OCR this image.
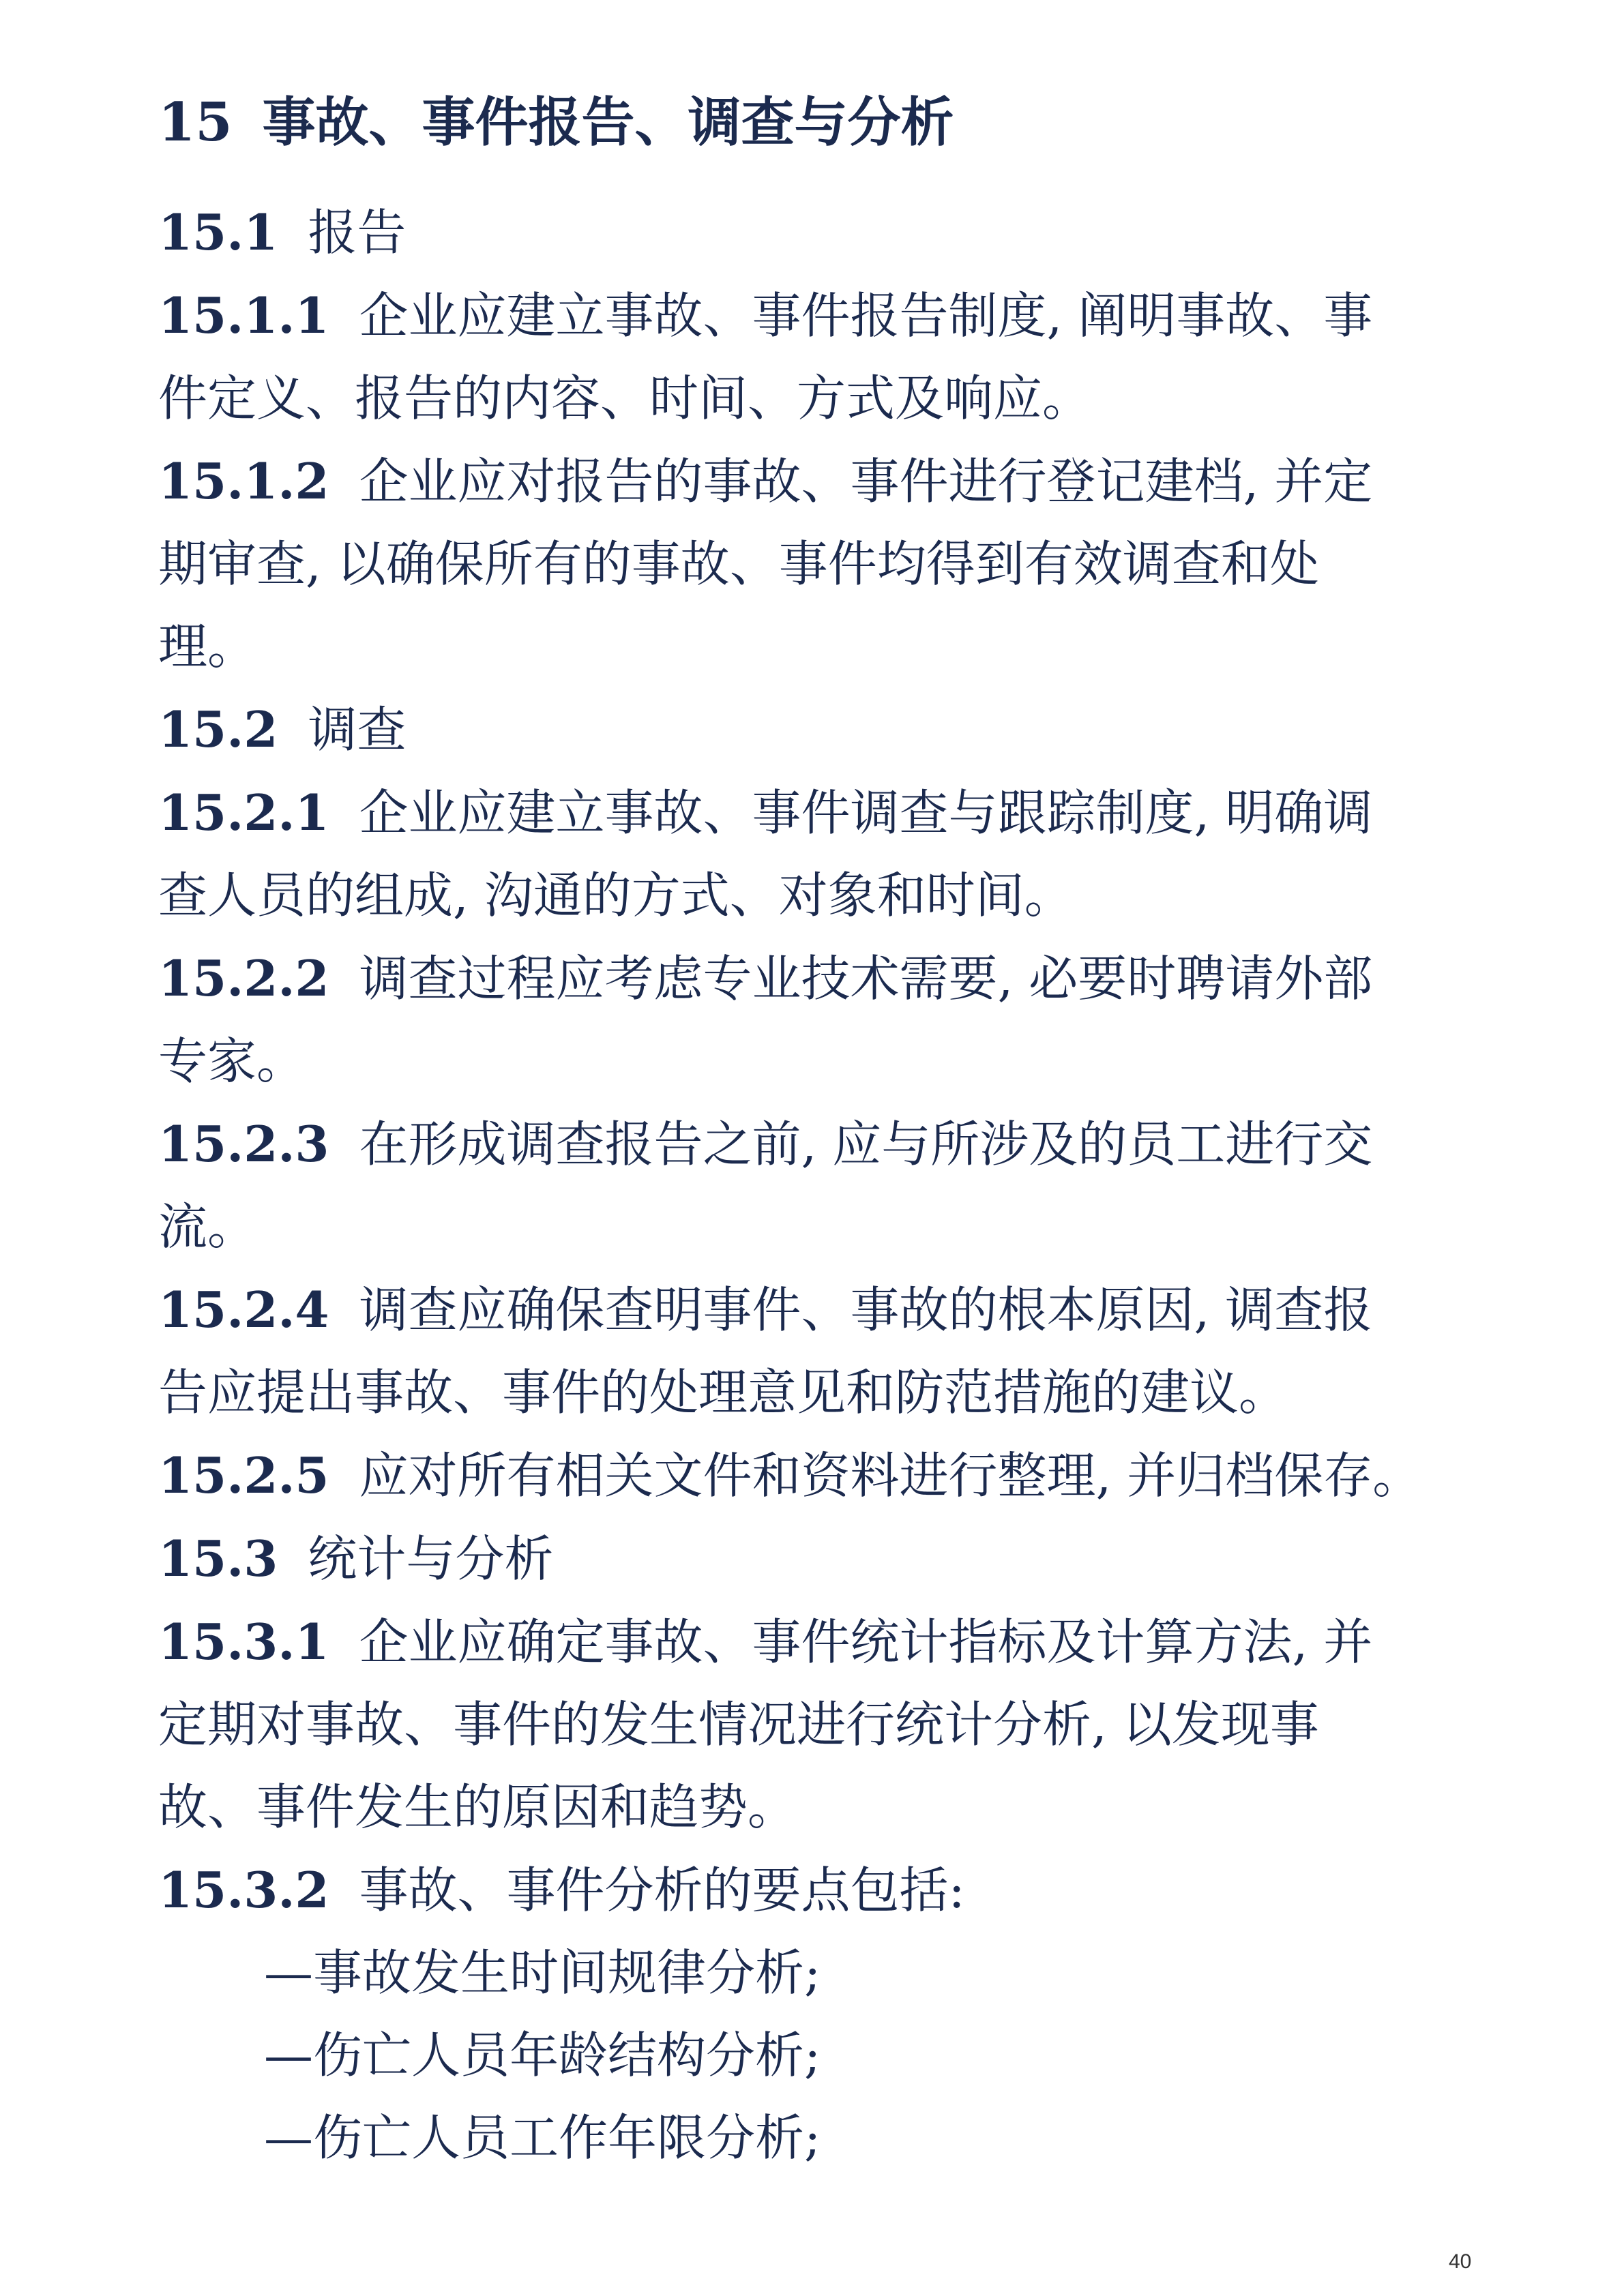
15 事故、事件报告、调查与分析
15.1 报告
15.1.1 企业应建立事故、事件报告制度, 阐明事故、事
件定义、报告的内容、时间、方式及响应。
15.1.2 企业应对报告的事故、事件进行登记建档, 并定
期审查, 以确保所有的事故、事件均得到有效调查和处
理。
15.2 调查
15.2.1 企业应建立事故、事件调查与跟踪制度, 明确调
查人员的组成, 沟通的方式、对象和时间。
15.2.2 调查过程应考虑专业技术需要, 必要时聘请外部
专家。
15.2.3 在形成调查报告之前, 应与所涉及的员工进行交
流。
15.2.4 调查应确保查明事件、事故的根本原因, 调查报
告应提出事故、事件的处理意见和防范措施的建议。
15.2.5 应对所有相关文件和资料进行整理, 并归档保存。
15.3 统计与分析
15.3.1 企业应确定事故、事件统计指标及计算方法, 并
定期对事故、事件的发生情况进行统计分析, 以发现事
故、事件发生的原因和趋势。
15.3.2 事故、事件分析的要点包括:
—事故发生时间规律分析;
—伤亡人员年龄结构分析;
—伤亡人员工作年限分析;
40
